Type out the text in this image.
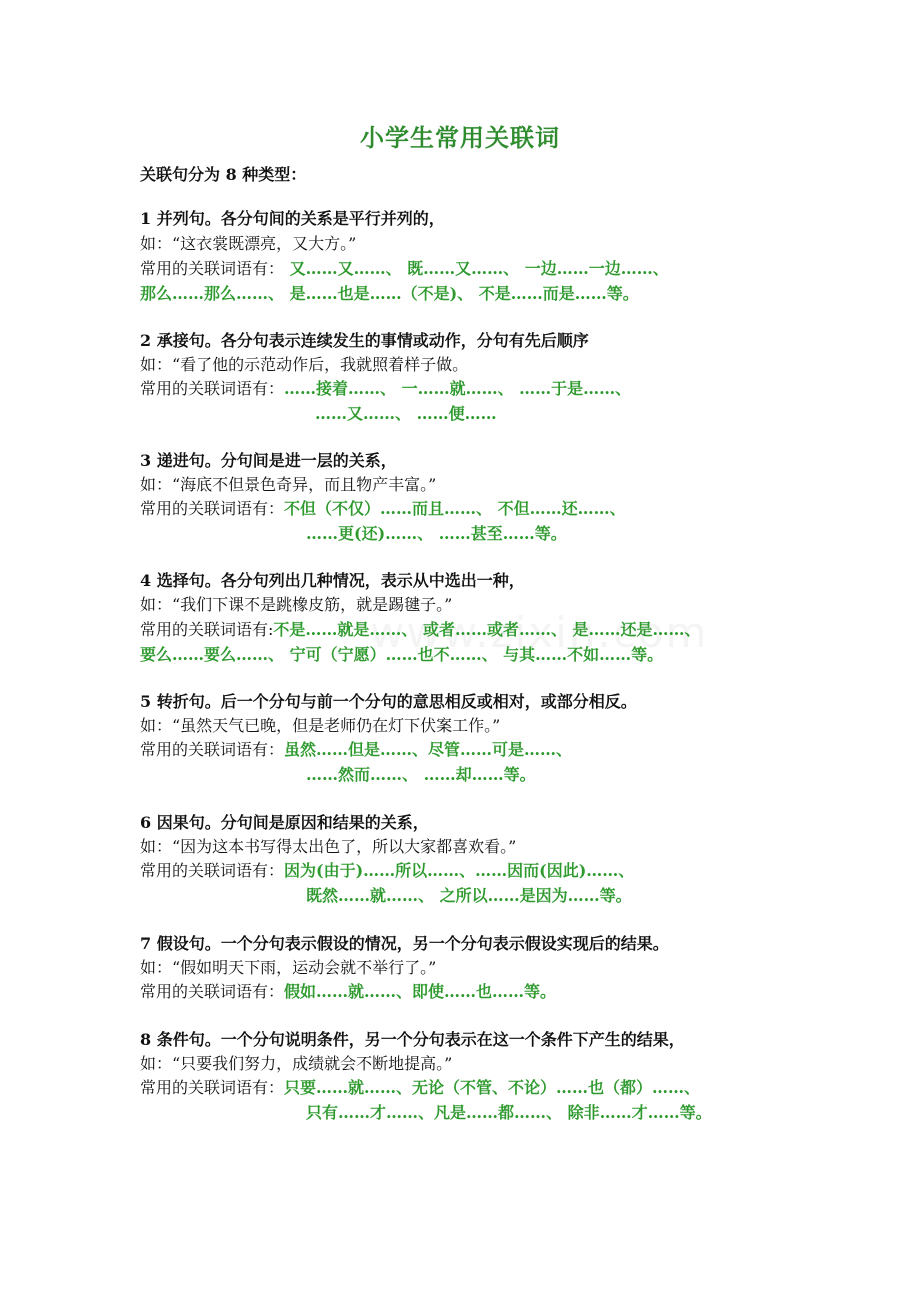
小学生常用关联词
关联句分为 8 种类型：
1 并列句。各分句间的关系是平行并列的，
如：“这衣裳既漂亮，又大方。”
常用的关联词语有： 又……又……、 既……又……、 一边……一边……、
那么……那么……、 是……也是……（不是)、 不是……而是……等。
2 承接句。各分句表示连续发生的事情或动作，分句有先后顺序
如：“看了他的示范动作后，我就照着样子做。
常用的关联词语有：……接着……、 一……就……、 ……于是……、
……又……、 ……便……
3 递进句。分句间是进一层的关系，
如：“海底不但景色奇异，而且物产丰富。”
常用的关联词语有：不但（不仅）……而且……、 不但……还……、
……更(还)……、 ……甚至……等。
4 选择句。各分句列出几种情况，表示从中选出一种，
如：“我们下课不是跳橡皮筋，就是踢毽子。”
常用的关联词语有:不是……就是……、 或者……或者……、 是……还是……、
要么……要么……、 宁可（宁愿）……也不……、 与其……不如……等。
5 转折句。后一个分句与前一个分句的意思相反或相对，或部分相反。
如：“虽然天气已晚，但是老师仍在灯下伏案工作。”
常用的关联词语有：虽然……但是……、尽管……可是……、
……然而……、 ……却……等。
6 因果句。分句间是原因和结果的关系，
如：“因为这本书写得太出色了，所以大家都喜欢看。”
常用的关联词语有：因为(由于)……所以……、……因而(因此)……、
既然……就……、 之所以……是因为……等。
7 假设句。一个分句表示假设的情况，另一个分句表示假设实现后的结果。
如：“假如明天下雨，运动会就不举行了。”
常用的关联词语有：假如……就……、即使……也……等。
8 条件句。一个分句说明条件，另一个分句表示在这一个条件下产生的结果，
如：“只要我们努力，成绩就会不断地提高。”
常用的关联词语有：只要……就……、无论（不管、不论）……也（都）……、
只有……才……、凡是……都……、 除非……才……等。
